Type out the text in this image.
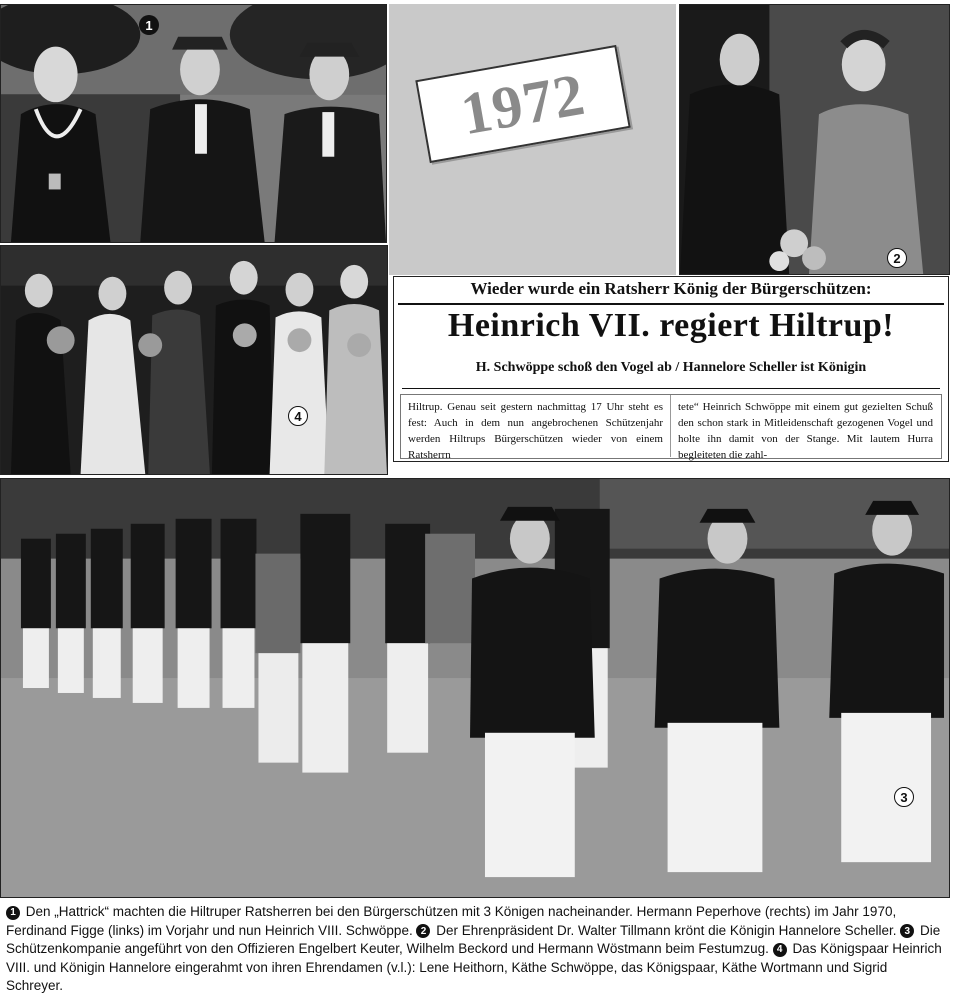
1
4
1972
2
Wieder wurde ein Ratsherr König der Bürgerschützen:
Heinrich VII. regiert Hiltrup!
H. Schwöppe schoß den Vogel ab / Hannelore Scheller ist Königin
Hiltrup. Genau seit gestern nachmittag 17 Uhr steht es fest: Auch in dem nun angebrochenen Schützenjahr werden Hiltrups Bürgerschützen wieder von einem Ratsherrn
tete“ Heinrich Schwöppe mit einem gut gezielten Schuß den schon stark in Mitleidenschaft gezogenen Vogel und holte ihn damit von der Stange. Mit lautem Hurra begleiteten die zahl-
3
1 Den „Hattrick“ machten die Hiltruper Ratsherren bei den Bürgerschützen mit 3 Königen nacheinander. Hermann Peperhove (rechts) im Jahr 1970, Ferdinand Figge (links) im Vorjahr und nun Heinrich VIII. Schwöppe. 2 Der Ehrenpräsident Dr. Walter Tillmann krönt die Königin Hannelore Scheller. 3 Die Schützenkompanie angeführt von den Offizieren Engelbert Keuter, Wilhelm Beckord und Hermann Wöstmann beim Festumzug. 4 Das Königspaar Heinrich VIII. und Königin Hannelore eingerahmt von ihren Ehrendamen (v.l.): Lene Heithorn, Käthe Schwöppe, das Königspaar, Käthe Wortmann und Sigrid Schreyer.
